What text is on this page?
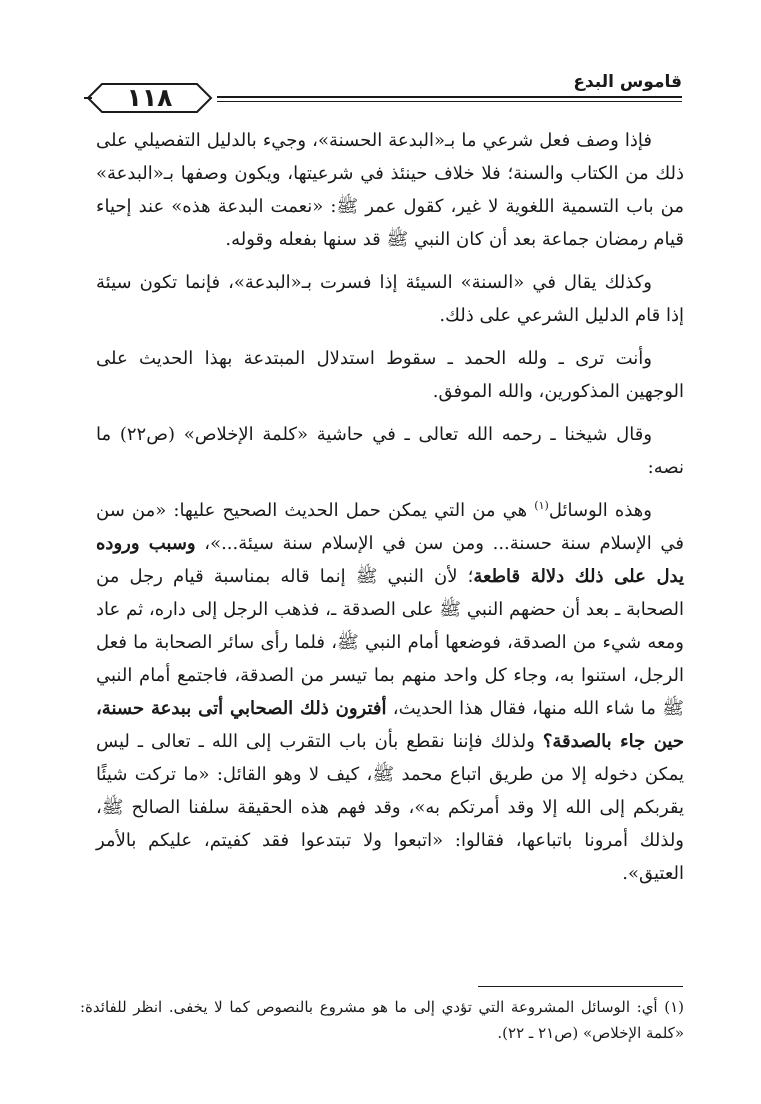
قاموس البدع
١١٨

فإذا وصف فعل شرعي ما بـ«البدعة الحسنة»، وجيء بالدليل التفصيلي على ذلك من الكتاب والسنة؛ فلا خلاف حينئذ في شرعيتها، ويكون وصفها بـ«البدعة» من باب التسمية اللغوية لا غير، كقول عمر ﷺ: «نعمت البدعة هذه» عند إحياء قيام رمضان جماعة بعد أن كان النبي ﷺ قد سنها بفعله وقوله.

وكذلك يقال في «السنة» السيئة إذا فسرت بـ«البدعة»، فإنما تكون سيئة إذا قام الدليل الشرعي على ذلك.

وأنت ترى ـ ولله الحمد ـ سقوط استدلال المبتدعة بهذا الحديث على الوجهين المذكورين، والله الموفق.

وقال شيخنا ـ رحمه الله تعالى ـ في حاشية «كلمة الإخلاص» (ص٢٢) ما نصه:

وهذه الوسائل$^{(١)}$ هي من التي يمكن حمل الحديث الصحيح عليها: «من سن في الإسلام سنة حسنة... ومن سن في الإسلام سنة سيئة...»، وسبب وروده يدل على ذلك دلالة قاطعة؛ لأن النبي ﷺ إنما قاله بمناسبة قيام رجل من الصحابة ـ بعد أن حضهم النبي ﷺ على الصدقة ـ، فذهب الرجل إلى داره، ثم عاد ومعه شيء من الصدقة، فوضعها أمام النبي ﷺ، فلما رأى سائر الصحابة ما فعل الرجل، استنوا به، وجاء كل واحد منهم بما تيسر من الصدقة، فاجتمع أمام النبي ﷺ ما شاء الله منها، فقال هذا الحديث، أفترون ذلك الصحابي أتى ببدعة حسنة، حين جاء بالصدقة؟ ولذلك فإننا نقطع بأن باب التقرب إلى الله ـ تعالى ـ ليس يمكن دخوله إلا من طريق اتباع محمد ﷺ، كيف لا وهو القائل: «ما تركت شيئًا يقربكم إلى الله إلا وقد أمرتكم به»، وقد فهم هذه الحقيقة سلفنا الصالح ﷺ، ولذلك أمرونا باتباعها، فقالوا: «اتبعوا ولا تبتدعوا فقد كفيتم، عليكم بالأمر العتيق».

(١) أي: الوسائل المشروعة التي تؤدي إلى ما هو مشروع بالنصوص كما لا يخفى. انظر للفائدة: «كلمة الإخلاص» (ص٢١ ـ ٢٢).
